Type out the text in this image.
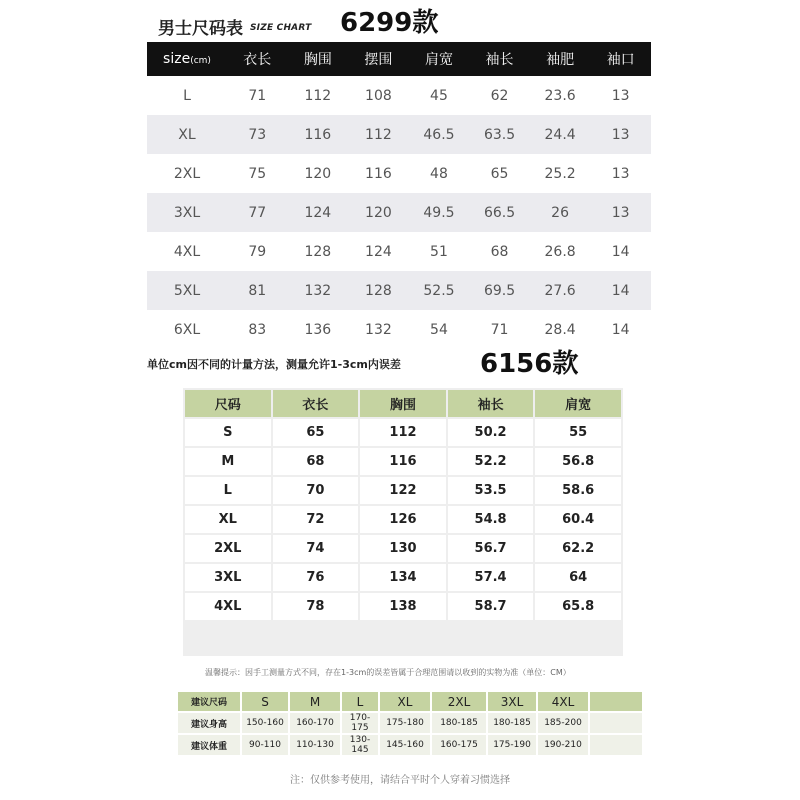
男士尺码表 SIZE CHART 6299款
size(cm)	衣长	胸围	摆围	肩宽	袖长	袖肥	袖口
L	71	112	108	45	62	23.6	13
XL	73	116	112	46.5	63.5	24.4	13
2XL	75	120	116	48	65	25.2	13
3XL	77	124	120	49.5	66.5	26	13
4XL	79	128	124	51	68	26.8	14
5XL	81	132	128	52.5	69.5	27.6	14
6XL	83	136	132	54	71	28.4	14
单位cm因不同的计量方法，测量允许1-3cm内误差	6156款
尺码	衣长	胸围	袖长	肩宽
S	65	112	50.2	55
M	68	116	52.2	56.8
L	70	122	53.5	58.6
XL	72	126	54.8	60.4
2XL	74	130	56.7	62.2
3XL	76	134	57.4	64
4XL	78	138	58.7	65.8
温馨提示：因手工测量方式不同，存在1-3cm的误差皆属于合理范围请以收到的实物为准（单位：CM）
建议尺码	S	M	L	XL	2XL	3XL	4XL	
建议身高	150-160	160-170	170-175	175-180	180-185	180-185	185-200	
建议体重	90-110	110-130	130-145	145-160	160-175	175-190	190-210	
注：仅供参考使用，请结合平时个人穿着习惯选择
